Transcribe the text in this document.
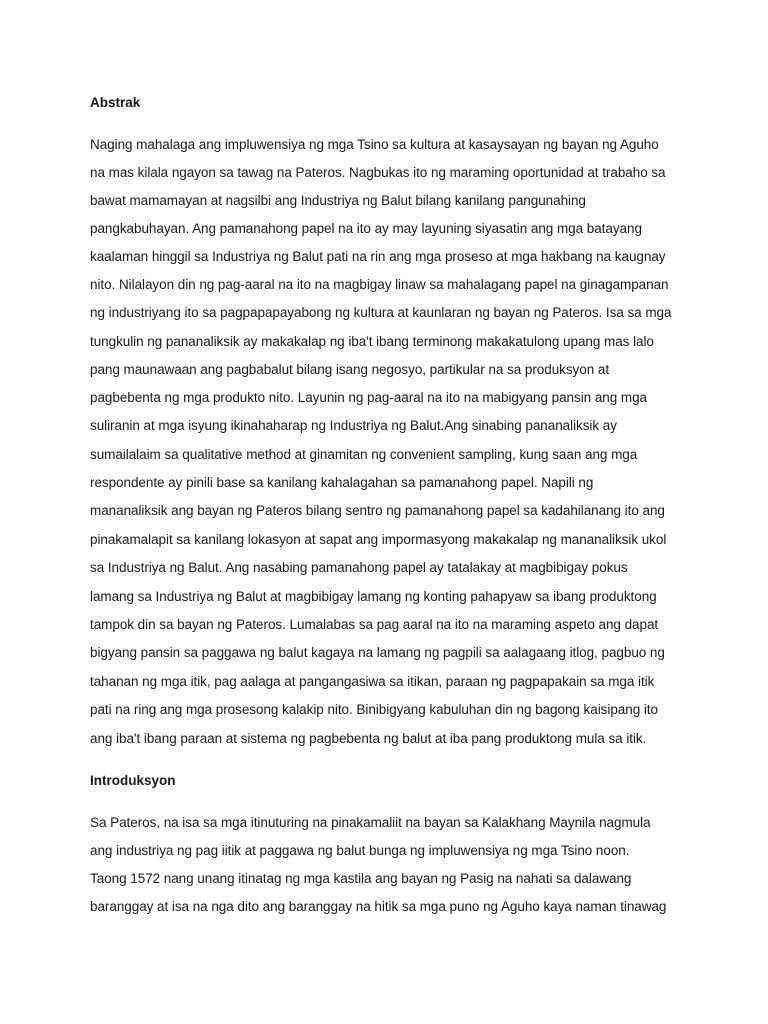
Abstrak
Naging mahalaga ang impluwensiya ng mga Tsino sa kultura at kasaysayan ng bayan ng Aguho
na mas kilala ngayon sa tawag na Pateros. Nagbukas ito ng maraming oportunidad at trabaho sa
bawat mamamayan at nagsilbi ang Industriya ng Balut bilang kanilang pangunahing
pangkabuhayan. Ang pamanahong papel na ito ay may layuning siyasatin ang mga batayang
kaalaman hinggil sa Industriya ng Balut pati na rin ang mga proseso at mga hakbang na kaugnay
nito. Nilalayon din ng pag-aaral na ito na magbigay linaw sa mahalagang papel na ginagampanan
ng industriyang ito sa pagpapapayabong ng kultura at kaunlaran ng bayan ng Pateros. Isa sa mga
tungkulin ng pananaliksik ay makakalap ng iba't ibang terminong makakatulong upang mas lalo
pang maunawaan ang pagbabalut bilang isang negosyo, partikular na sa produksyon at
pagbebenta ng mga produkto nito. Layunin ng pag-aaral na ito na mabigyang pansin ang mga
suliranin at mga isyung ikinahaharap ng Industriya ng Balut.Ang sinabing pananaliksik ay
sumailalaim sa qualitative method at ginamitan ng convenient sampling, kung saan ang mga
respondente ay pinili base sa kanilang kahalagahan sa pamanahong papel. Napili ng
mananaliksik ang bayan ng Pateros bilang sentro ng pamanahong papel sa kadahilanang ito ang
pinakamalapit sa kanilang lokasyon at sapat ang impormasyong makakalap ng mananaliksik ukol
sa Industriya ng Balut. Ang nasabing pamanahong papel ay tatalakay at magbibigay pokus
lamang sa Industriya ng Balut at magbibigay lamang ng konting pahapyaw sa ibang produktong
tampok din sa bayan ng Pateros. Lumalabas sa pag aaral na ito na maraming aspeto ang dapat
bigyang pansin sa paggawa ng balut kagaya na lamang ng pagpili sa aalagaang itlog, pagbuo ng
tahanan ng mga itik, pag aalaga at pangangasiwa sa itikan, paraan ng pagpapakain sa mga itik
pati na ring ang mga prosesong kalakip nito. Binibigyang kabuluhan din ng bagong kaisipang ito
ang iba't ibang paraan at sistema ng pagbebenta ng balut at iba pang produktong mula sa itik.
Introduksyon
Sa Pateros, na isa sa mga itinuturing na pinakamaliit na bayan sa Kalakhang Maynila nagmula
ang industriya ng pag iitik at paggawa ng balut bunga ng impluwensiya ng mga Tsino noon.
Taong 1572 nang unang itinatag ng mga kastila ang bayan ng Pasig na nahati sa dalawang
baranggay at isa na nga dito ang baranggay na hitik sa mga puno ng Aguho kaya naman tinawag
